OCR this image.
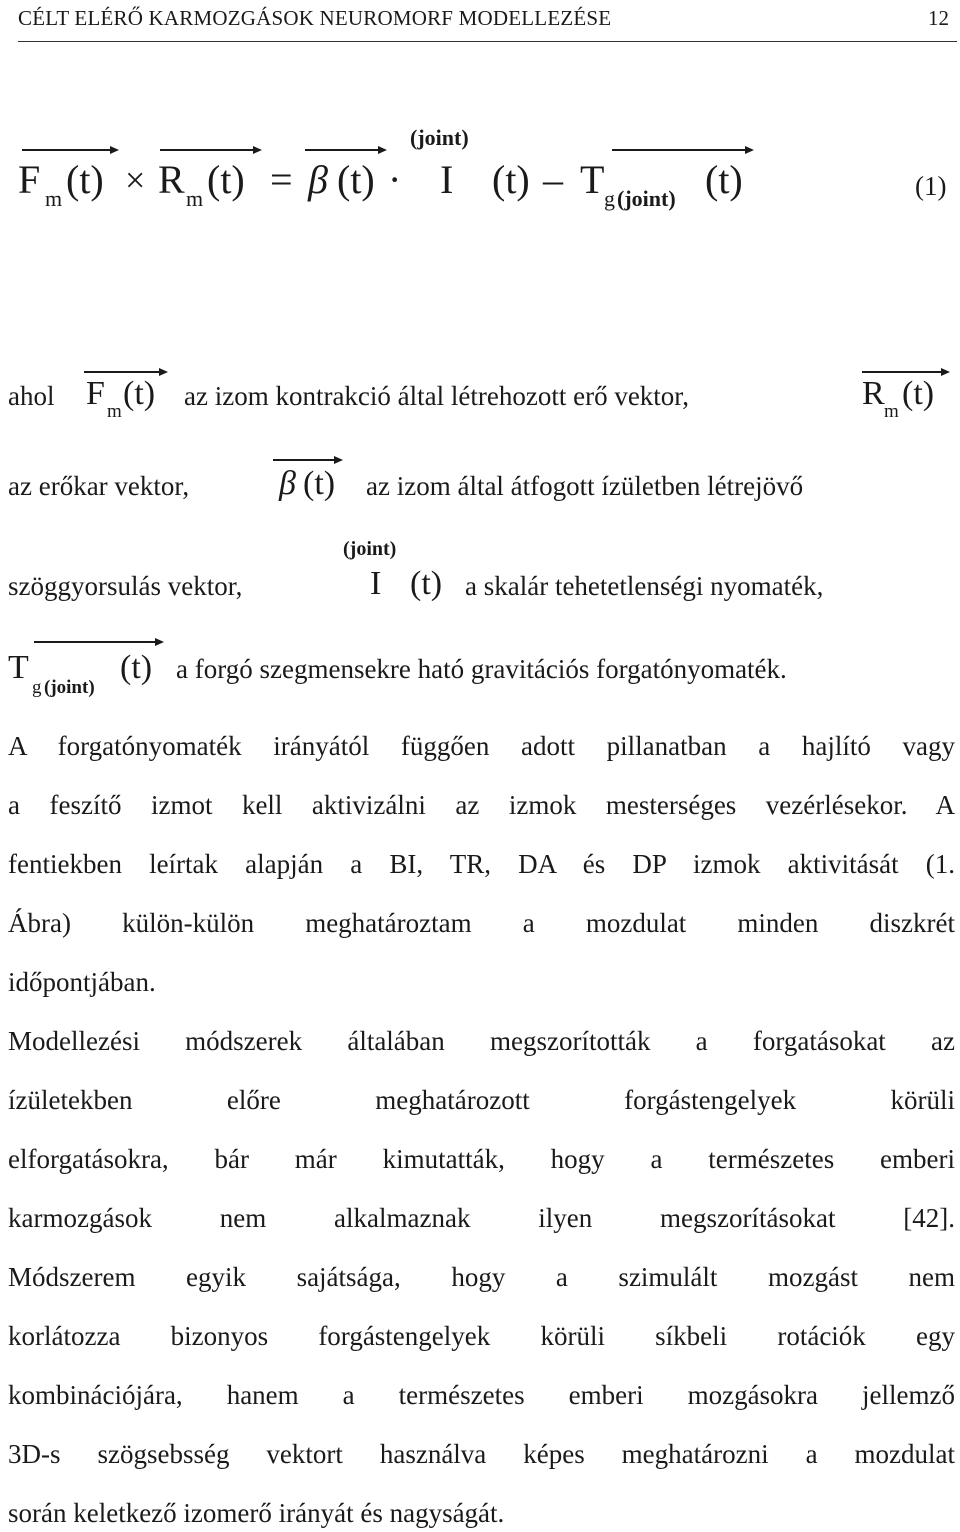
CÉLT ELÉRŐ KARMOZGÁSOK NEUROMORF MODELLEZÉSE	12
F m (t) × R m (t) = β (t) ·
(joint)
I (t) – T g (joint) (t)	(1)
ahol F m (t) az izom kontrakció által létrehozott erő vektor,	R m (t)
az erőkar vektor,	β (t) az izom által átfogott ízületben létrejövő
szöggyorsulás vektor,
(joint)
I (t) a skalár tehetetlenségi nyomaték,
T
g (joint)
(t) a forgó szegmensekre ható gravitációs forgatónyomaték.
A forgatónyomaték irányától függően adott pillanatban a hajlító vagy
a feszítő izmot kell aktivizálni az izmok mesterséges vezérlésekor. A
fentiekben leírtak alapján a BI, TR, DA és DP izmok aktivitását (1.
Ábra) külön-külön meghatároztam a mozdulat minden diszkrét
időpontjában.
Modellezési módszerek általában megszorították a forgatásokat az
ízületekben előre meghatározott forgástengelyek körüli
elforgatásokra, bár már kimutatták, hogy a természetes emberi
karmozgások nem alkalmaznak ilyen megszorításokat [42].
Módszerem egyik sajátsága, hogy a szimulált mozgást nem
korlátozza bizonyos forgástengelyek körüli síkbeli rotációk egy
kombinációjára, hanem a természetes emberi mozgásokra jellemző
3D-s szögsebsség vektort használva képes meghatározni a mozdulat
során keletkező izomerő irányát és nagyságát.
